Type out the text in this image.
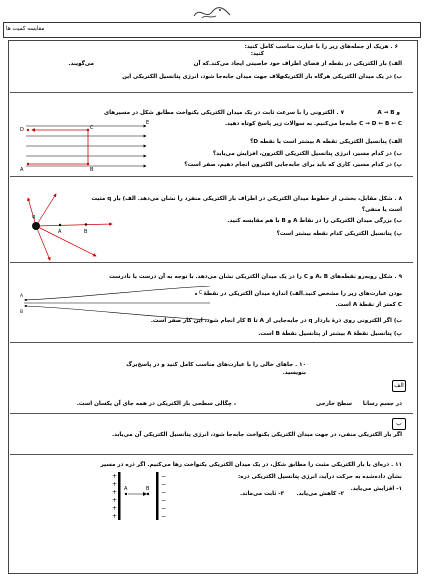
مقایسه کمیت ها
۶ . هریک از جمله‌های زیر را با عبارت مناسب کامل کنید:
کنید:
الف) بار الکتریکی در نقطه از فضای اطراف خود خاصیتی ایجاد می‌کند.که آن
می‌گویند.
خلاف جهت میدان جابه‌جا شود، انرژی پتانسیل الکتریکی این
ب) در یک میدان الکتریکی هرگاه بار الکتریکی
۷ . الکترونی را با سرعت ثابت در یک میدان الکتریکی یکنواخت مطابق شکل در مسیرهای	A → B و
C → D ← B ← C جابه‌جا می‌کنیم. به سوالات زیر پاسخ کوتاه دهید.
الف) پتانسیل الکتریکی نقطه A بیشتر است یا نقطه D؟
ب) در کدام مسیر، انرژی پتانسیل الکتریکی الکترون، افزایش می‌یابد؟
پ) در کدام مسیر، کاری که باید برای جابه‌جایی الکترون انجام دهیم، صفر است؟
D	C
B
A
E
۸ . شکل مقابل، بخشی از خطوط میدان الکتریکی در اطراف بار الکتریکی منفرد را نشان می‌دهد. الف) بار q مثبت
است یا منفی؟
ب) بزرگی میدان الکتریکی را در نقاط A و B با هم مقایسه کنید.
پ) پتانسیل الکتریکی کدام نقطه بیشتر است؟
q
A	B
۹ . شکل روبه‌رو نقطه‌های A، B و C را در یک میدان الکتریکی نشان می‌دهد. با توجه به آن درست یا نادرست
بودن عبارت‌های زیر را مشخص کنید.الف) اندازهٔ میدان الکتریکی در نقطهٔ
C کمتر از نقطهٔ A است.
ب) اگر الکترونی روی ذرهٔ باردار q در جابه‌جایی از A تا B کار انجام شود، این کار صفر است.
پ) پتانسیل نقطهٔ A بیشتر از پتانسیل نقطهٔ B است.
A
B
C
۱۰ . جاهای خالی را با عبارت‌های مناسب کامل کنید و در پاسخ‌برگ
بنویسید.
الف
در جسم رسانا
سطح خارجی
، چگالی سطحی بار الکتریکی در همه جای آن یکسان است.
ب
اگر بار الکتریکی منفی، در جهت میدان الکتریکی یکنواخت جابه‌جا شود، انرژی پتانسیل الکتریکی آن می‌یابد.
۱۱ . ذره‌ای با بار الکتریکی مثبت را مطابق شکل، در یک میدان الکتریکی یکنواخت رها می‌کنیم. اگر ذره در مسیر
نشان داده‌شده به حرکت درآید، انرژی پتانسیل الکتریکی ذره:
۱- افزایش می‌یابد.
۲- کاهش می‌یابد.
۳- ثابت می‌ماند.
+
+
+
+
+
+
−
−
−
−
−
−
A	B
